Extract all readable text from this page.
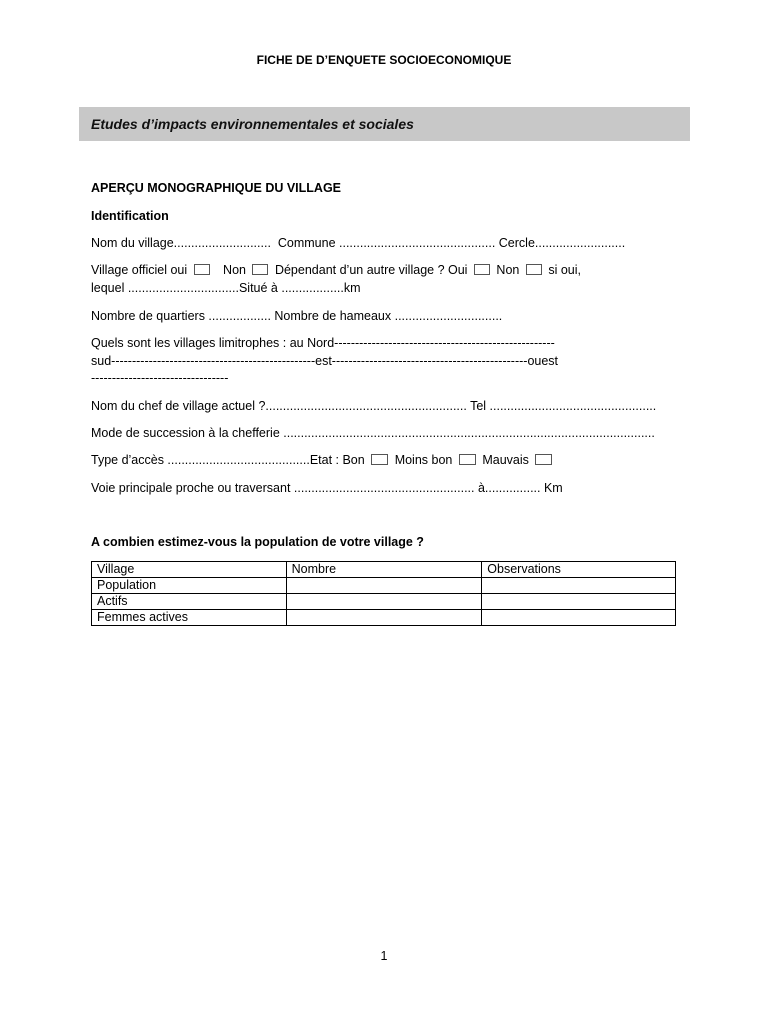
FICHE DE D’ENQUETE SOCIOECONOMIQUE
Etudes d’impacts environnementales et sociales
APERÇU MONOGRAPHIQUE DU VILLAGE
Identification
Nom du village............................ Commune ............................................. Cercle..........................
Village officiel oui	Non Dépendant d’un autre village ? Oui Non si oui,
lequel ................................Situé à ..................km
Nombre de quartiers .................. Nombre de hameaux ...............................
Quels sont les villages limitrophes : au Nord-----------------------------------------------------
sud-------------------------------------------------est-----------------------------------------------ouest
---------------------------------
Nom du chef de village actuel ?.......................................................... Tel ................................................
Mode de succession à la chefferie ...........................................................................................................
Type d’accès .........................................Etat : Bon Moins bon Mauvais
Voie principale proche ou traversant .................................................... à................ Km
A combien estimez-vous la population de votre village ?
Village	Nombre	Observations
Population		
Actifs		
Femmes actives		
1
